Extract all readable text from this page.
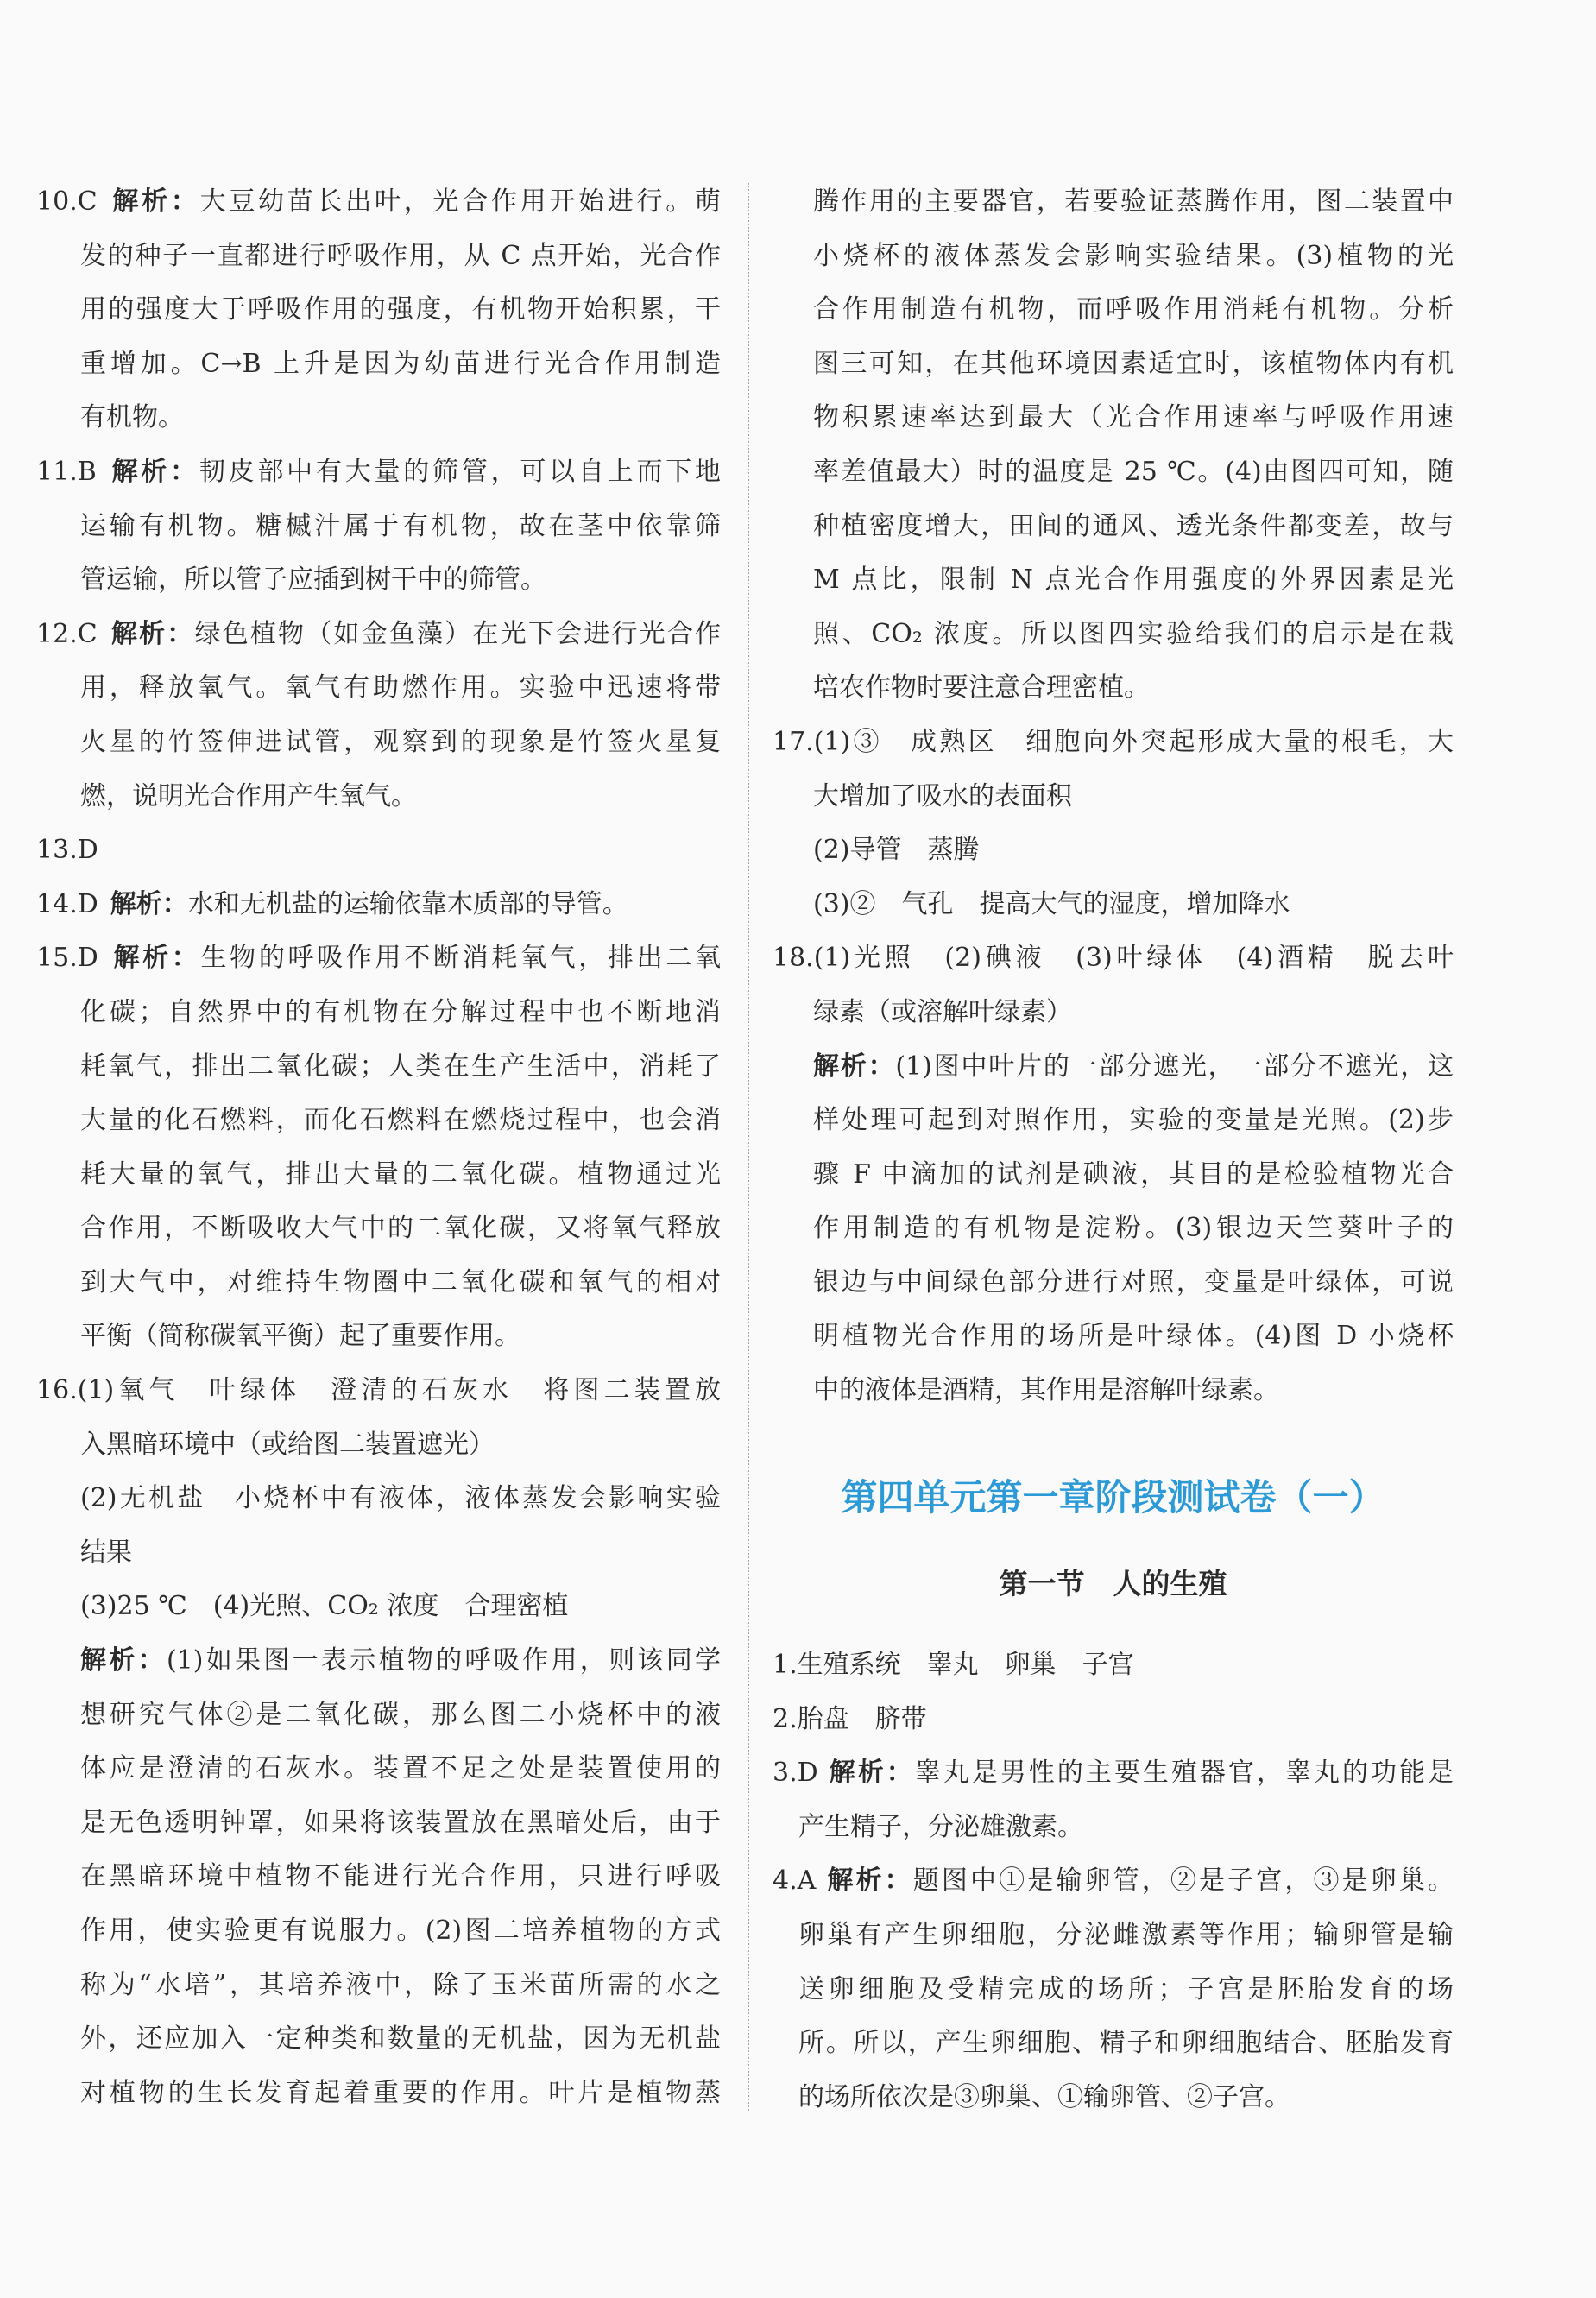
10.C 解析：大豆幼苗长出叶，光合作用开始进行。萌
发的种子一直都进行呼吸作用，从 C 点开始，光合作
用的强度大于呼吸作用的强度，有机物开始积累，干
重增加。C→B 上升是因为幼苗进行光合作用制造
有机物。
11.B 解析：韧皮部中有大量的筛管，可以自上而下地
运输有机物。糖槭汁属于有机物，故在茎中依靠筛
管运输，所以管子应插到树干中的筛管。
12.C 解析：绿色植物（如金鱼藻）在光下会进行光合作
用，释放氧气。氧气有助燃作用。实验中迅速将带
火星的竹签伸进试管，观察到的现象是竹签火星复
燃，说明光合作用产生氧气。
13.D
14.D 解析：水和无机盐的运输依靠木质部的导管。
15.D 解析：生物的呼吸作用不断消耗氧气，排出二氧
化碳；自然界中的有机物在分解过程中也不断地消
耗氧气，排出二氧化碳；人类在生产生活中，消耗了
大量的化石燃料，而化石燃料在燃烧过程中，也会消
耗大量的氧气，排出大量的二氧化碳。植物通过光
合作用，不断吸收大气中的二氧化碳，又将氧气释放
到大气中，对维持生物圈中二氧化碳和氧气的相对
平衡（简称碳氧平衡）起了重要作用。
16.(1)氧气　叶绿体　澄清的石灰水　将图二装置放
入黑暗环境中（或给图二装置遮光）
(2)无机盐　小烧杯中有液体，液体蒸发会影响实验
结果
(3)25 ℃　(4)光照、CO₂ 浓度　合理密植
解析：(1)如果图一表示植物的呼吸作用，则该同学
想研究气体②是二氧化碳，那么图二小烧杯中的液
体应是澄清的石灰水。装置不足之处是装置使用的
是无色透明钟罩，如果将该装置放在黑暗处后，由于
在黑暗环境中植物不能进行光合作用，只进行呼吸
作用，使实验更有说服力。(2)图二培养植物的方式
称为“水培”，其培养液中，除了玉米苗所需的水之
外，还应加入一定种类和数量的无机盐，因为无机盐
对植物的生长发育起着重要的作用。叶片是植物蒸
腾作用的主要器官，若要验证蒸腾作用，图二装置中
小烧杯的液体蒸发会影响实验结果。(3)植物的光
合作用制造有机物，而呼吸作用消耗有机物。分析
图三可知，在其他环境因素适宜时，该植物体内有机
物积累速率达到最大（光合作用速率与呼吸作用速
率差值最大）时的温度是 25 ℃。(4)由图四可知，随
种植密度增大，田间的通风、透光条件都变差，故与
M 点比，限制 N 点光合作用强度的外界因素是光
照、CO₂ 浓度。所以图四实验给我们的启示是在栽
培农作物时要注意合理密植。
17.(1)③　成熟区　细胞向外突起形成大量的根毛，大
大增加了吸水的表面积
(2)导管　蒸腾
(3)②　气孔　提高大气的湿度，增加降水
18.(1)光照　(2)碘液　(3)叶绿体　(4)酒精　脱去叶
绿素（或溶解叶绿素）
解析：(1)图中叶片的一部分遮光，一部分不遮光，这
样处理可起到对照作用，实验的变量是光照。(2)步
骤 F 中滴加的试剂是碘液，其目的是检验植物光合
作用制造的有机物是淀粉。(3)银边天竺葵叶子的
银边与中间绿色部分进行对照，变量是叶绿体，可说
明植物光合作用的场所是叶绿体。(4)图 D 小烧杯
中的液体是酒精，其作用是溶解叶绿素。
第四单元第一章阶段测试卷（一）
第一节　人的生殖
1.生殖系统　睾丸　卵巢　子宫
2.胎盘　脐带
3.D 解析：睾丸是男性的主要生殖器官，睾丸的功能是
产生精子，分泌雄激素。
4.A 解析：题图中①是输卵管，②是子宫，③是卵巢。
卵巢有产生卵细胞，分泌雌激素等作用；输卵管是输
送卵细胞及受精完成的场所；子宫是胚胎发育的场
所。所以，产生卵细胞、精子和卵细胞结合、胚胎发育
的场所依次是③卵巢、①输卵管、②子宫。
